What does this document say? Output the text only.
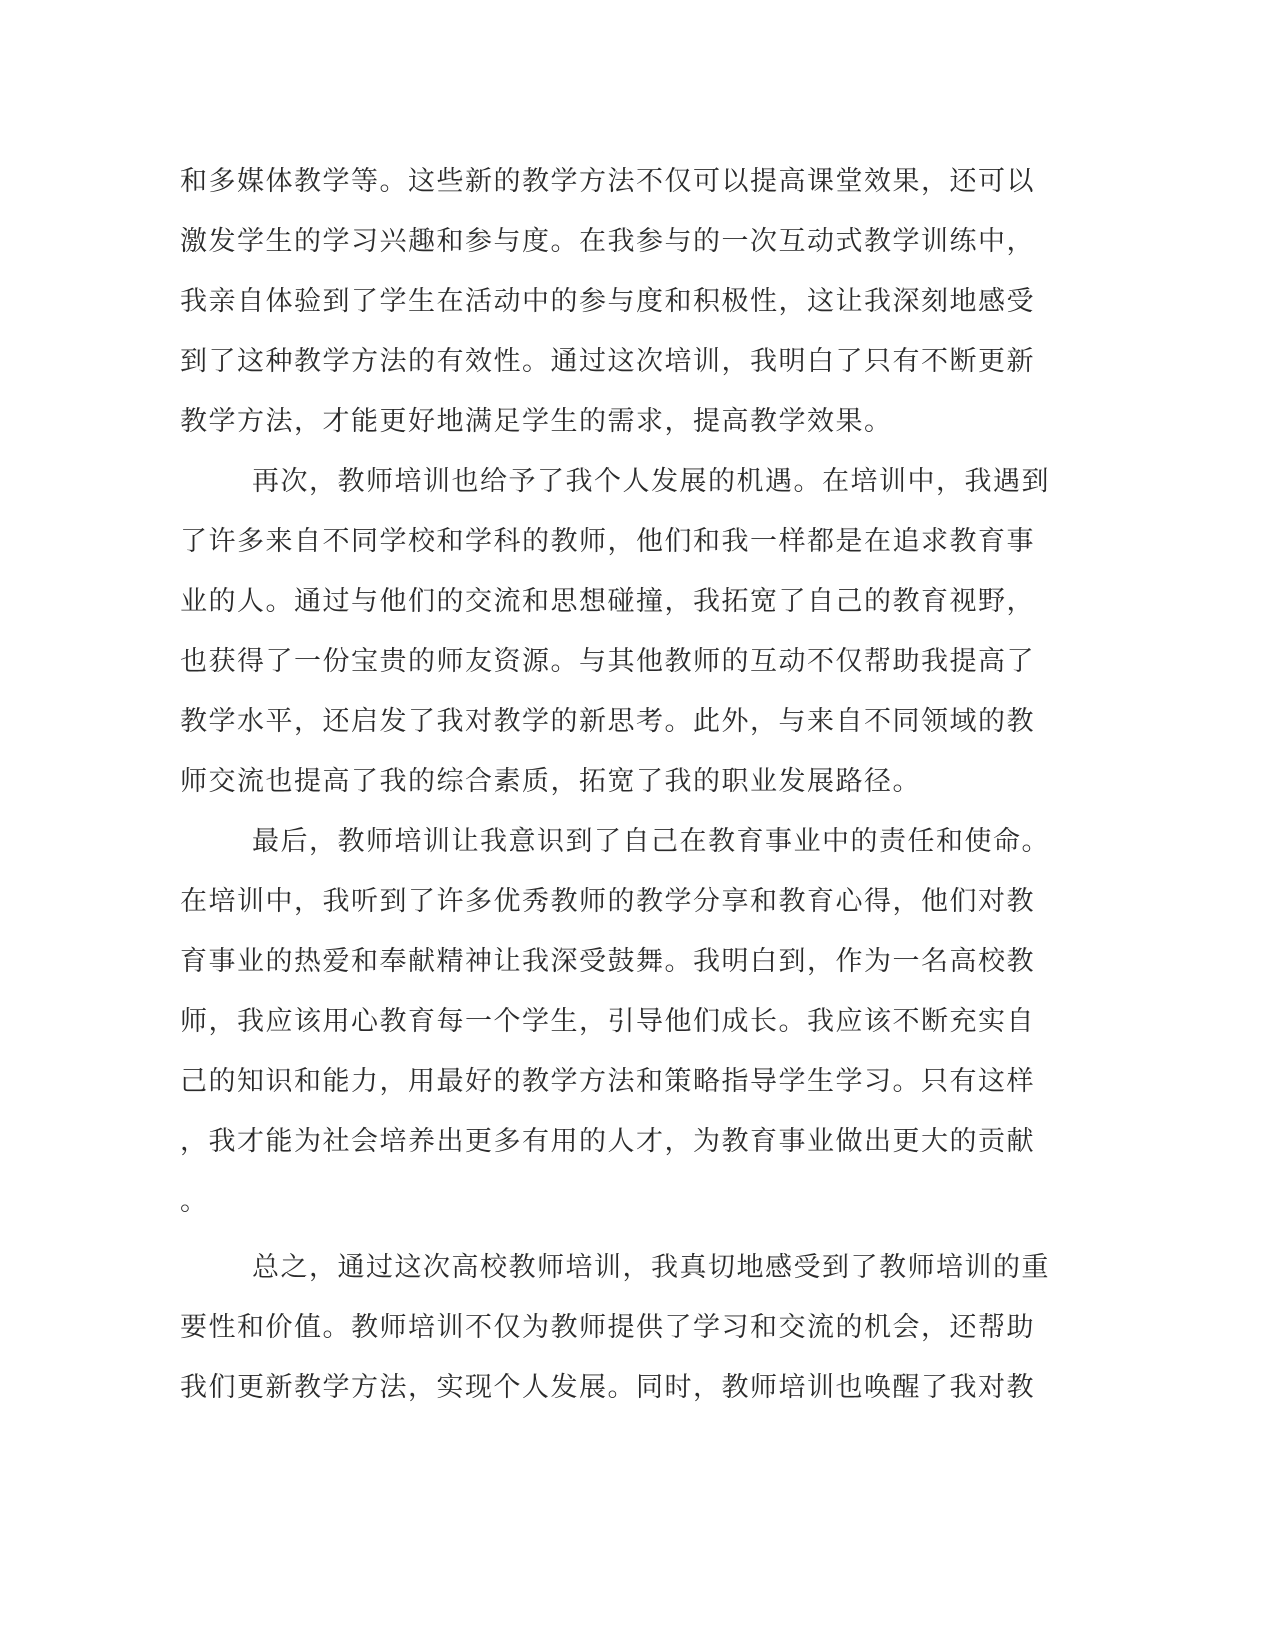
和多媒体教学等。这些新的教学方法不仅可以提高课堂效果，还可以
激发学生的学习兴趣和参与度。在我参与的一次互动式教学训练中，
我亲自体验到了学生在活动中的参与度和积极性，这让我深刻地感受
到了这种教学方法的有效性。通过这次培训，我明白了只有不断更新
教学方法，才能更好地满足学生的需求，提高教学效果。
再次，教师培训也给予了我个人发展的机遇。在培训中，我遇到
了许多来自不同学校和学科的教师，他们和我一样都是在追求教育事
业的人。通过与他们的交流和思想碰撞，我拓宽了自己的教育视野，
也获得了一份宝贵的师友资源。与其他教师的互动不仅帮助我提高了
教学水平，还启发了我对教学的新思考。此外，与来自不同领域的教
师交流也提高了我的综合素质，拓宽了我的职业发展路径。
最后，教师培训让我意识到了自己在教育事业中的责任和使命。
在培训中，我听到了许多优秀教师的教学分享和教育心得，他们对教
育事业的热爱和奉献精神让我深受鼓舞。我明白到，作为一名高校教
师，我应该用心教育每一个学生，引导他们成长。我应该不断充实自
己的知识和能力，用最好的教学方法和策略指导学生学习。只有这样
，我才能为社会培养出更多有用的人才，为教育事业做出更大的贡献
。
总之，通过这次高校教师培训，我真切地感受到了教师培训的重
要性和价值。教师培训不仅为教师提供了学习和交流的机会，还帮助
我们更新教学方法，实现个人发展。同时，教师培训也唤醒了我对教
